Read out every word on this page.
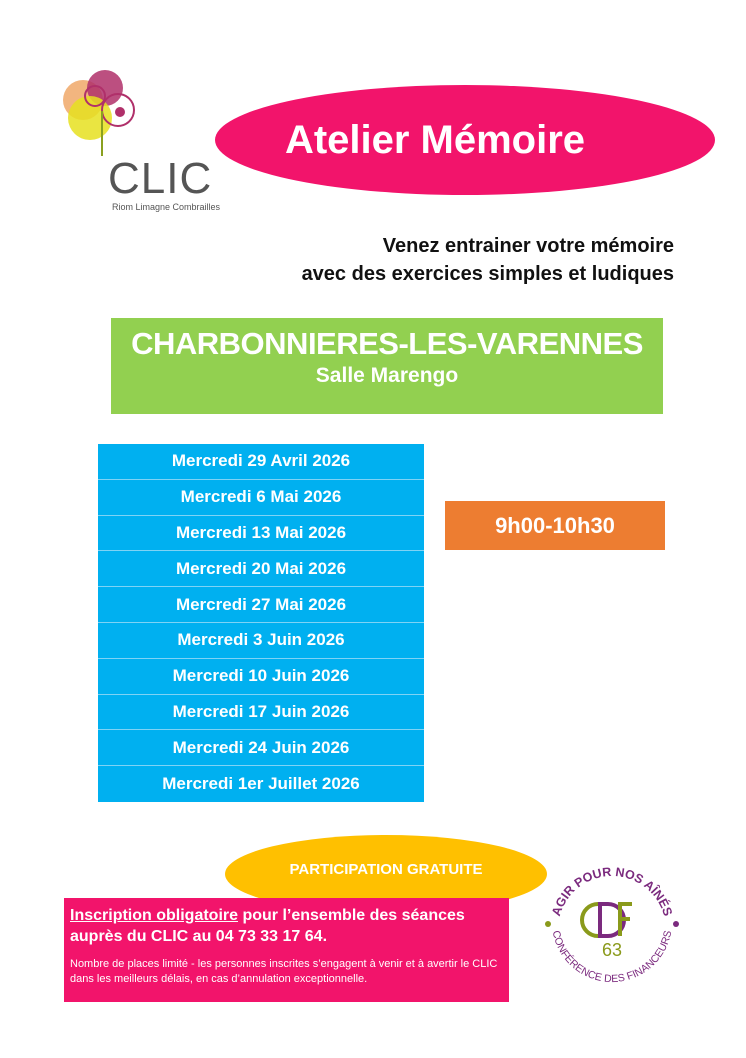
CLIC
Riom Limagne Combrailles
Atelier Mémoire
Venez entrainer votre mémoire
avec des exercices simples et ludiques
CHARBONNIERES-LES-VARENNES
Salle Marengo
Mercredi 29 Avril 2026
Mercredi 6 Mai 2026
Mercredi 13 Mai 2026
Mercredi 20 Mai 2026
Mercredi 27 Mai 2026
Mercredi 3 Juin 2026
Mercredi 10 Juin 2026
Mercredi 17 Juin 2026
Mercredi 24 Juin 2026
Mercredi 1er Juillet 2026
9h00-10h30
PARTICIPATION GRATUITE
Inscription obligatoire pour l’ensemble des séances auprès du CLIC au 04 73 33 17 64.
Nombre de places limité - les personnes inscrites s’engagent à venir et à avertir le CLIC dans les meilleurs délais, en cas d’annulation exceptionnelle.
AGIR POUR NOS AÎNÉS
CONFÉRENCE DES FINANCEURS
63
